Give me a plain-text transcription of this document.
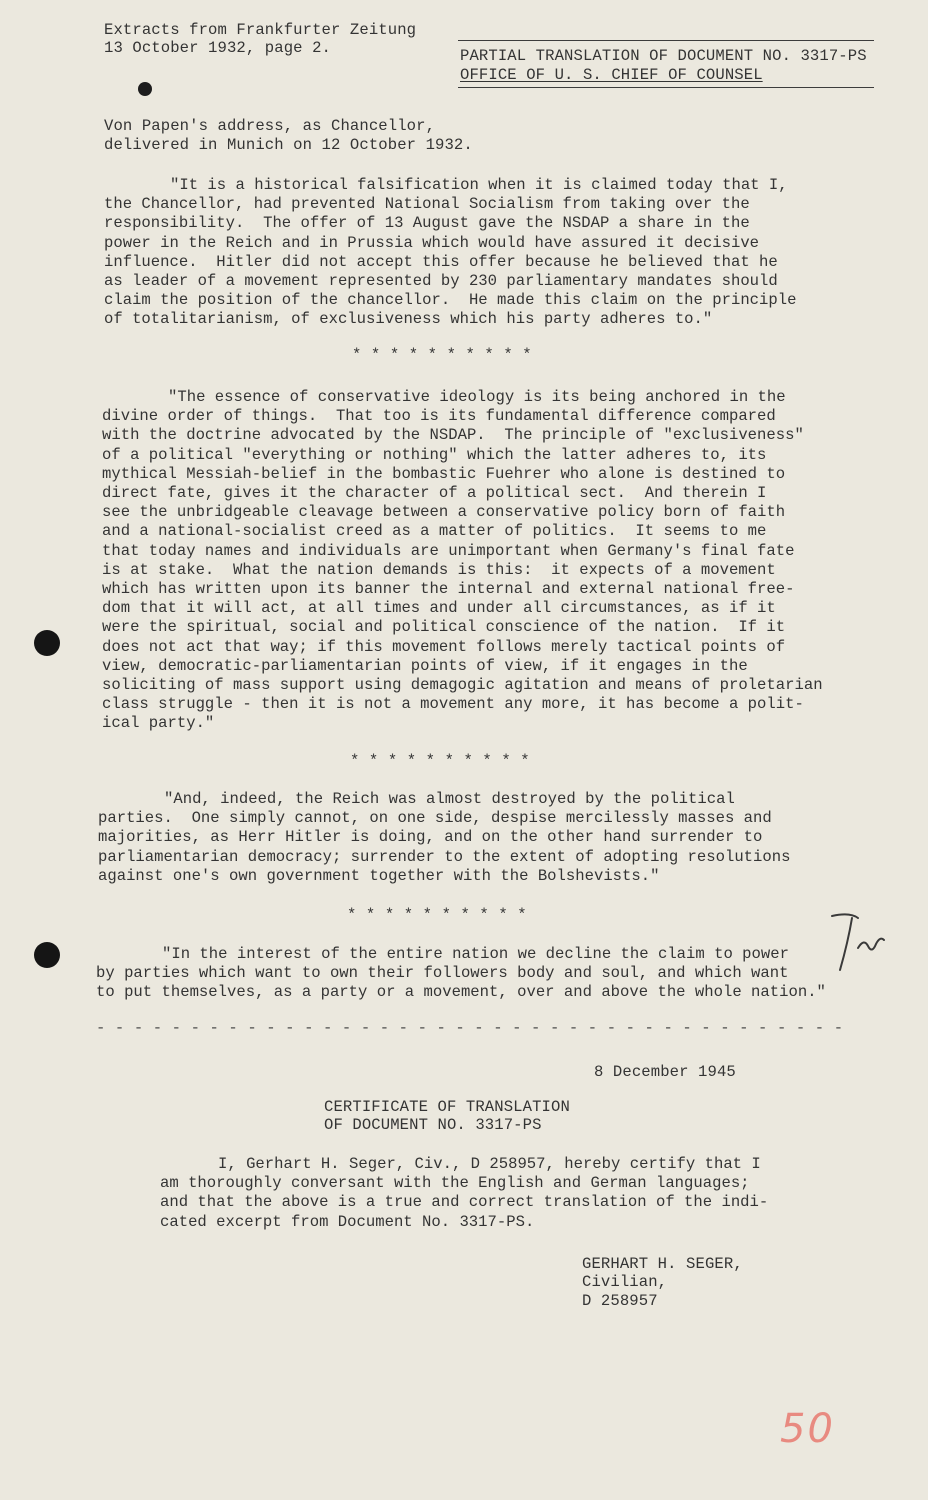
Extracts from Frankfurter Zeitung
13 October 1932, page 2.	PARTIAL TRANSLATION OF DOCUMENT NO. 3317-PS
OFFICE OF U. S. CHIEF OF COUNSEL
Von Papen's address, as Chancellor,
delivered in Munich on 12 October 1932.
"It is a historical falsification when it is claimed today that I,
the Chancellor, had prevented National Socialism from taking over the
responsibility.  The offer of 13 August gave the NSDAP a share in the
power in the Reich and in Prussia which would have assured it decisive
influence.  Hitler did not accept this offer because he believed that he
as leader of a movement represented by 230 parliamentary mandates should
claim the position of the chancellor.  He made this claim on the principle
of totalitarianism, of exclusiveness which his party adheres to."
* * * * * * * * * *
"The essence of conservative ideology is its being anchored in the
divine order of things.  That too is its fundamental difference compared
with the doctrine advocated by the NSDAP.  The principle of "exclusiveness"
of a political "everything or nothing" which the latter adheres to, its
mythical Messiah-belief in the bombastic Fuehrer who alone is destined to
direct fate, gives it the character of a political sect.  And therein I
see the unbridgeable cleavage between a conservative policy born of faith
and a national-socialist creed as a matter of politics.  It seems to me
that today names and individuals are unimportant when Germany's final fate
is at stake.  What the nation demands is this:  it expects of a movement
which has written upon its banner the internal and external national free-
dom that it will act, at all times and under all circumstances, as if it
were the spiritual, social and political conscience of the nation.  If it
does not act that way; if this movement follows merely tactical points of
view, democratic-parliamentarian points of view, if it engages in the
soliciting of mass support using demagogic agitation and means of proletarian
class struggle - then it is not a movement any more, it has become a polit-
ical party."
* * * * * * * * * *
"And, indeed, the Reich was almost destroyed by the political
parties.  One simply cannot, on one side, despise mercilessly masses and
majorities, as Herr Hitler is doing, and on the other hand surrender to
parliamentarian democracy; surrender to the extent of adopting resolutions
against one's own government together with the Bolshevists."
* * * * * * * * * *
"In the interest of the entire nation we decline the claim to power
by parties which want to own their followers body and soul, and which want
to put themselves, as a party or a movement, over and above the whole nation."
- - - - - - - - - - - - - - - - - - - - - - - - - - - - - - - - - - - - - - - -
8 December 1945
CERTIFICATE OF TRANSLATION
OF DOCUMENT NO. 3317-PS
I, Gerhart H. Seger, Civ., D 258957, hereby certify that I
am thoroughly conversant with the English and German languages;
and that the above is a true and correct translation of the indi-
cated excerpt from Document No. 3317-PS.
GERHART H. SEGER,
Civilian,
D 258957
50
